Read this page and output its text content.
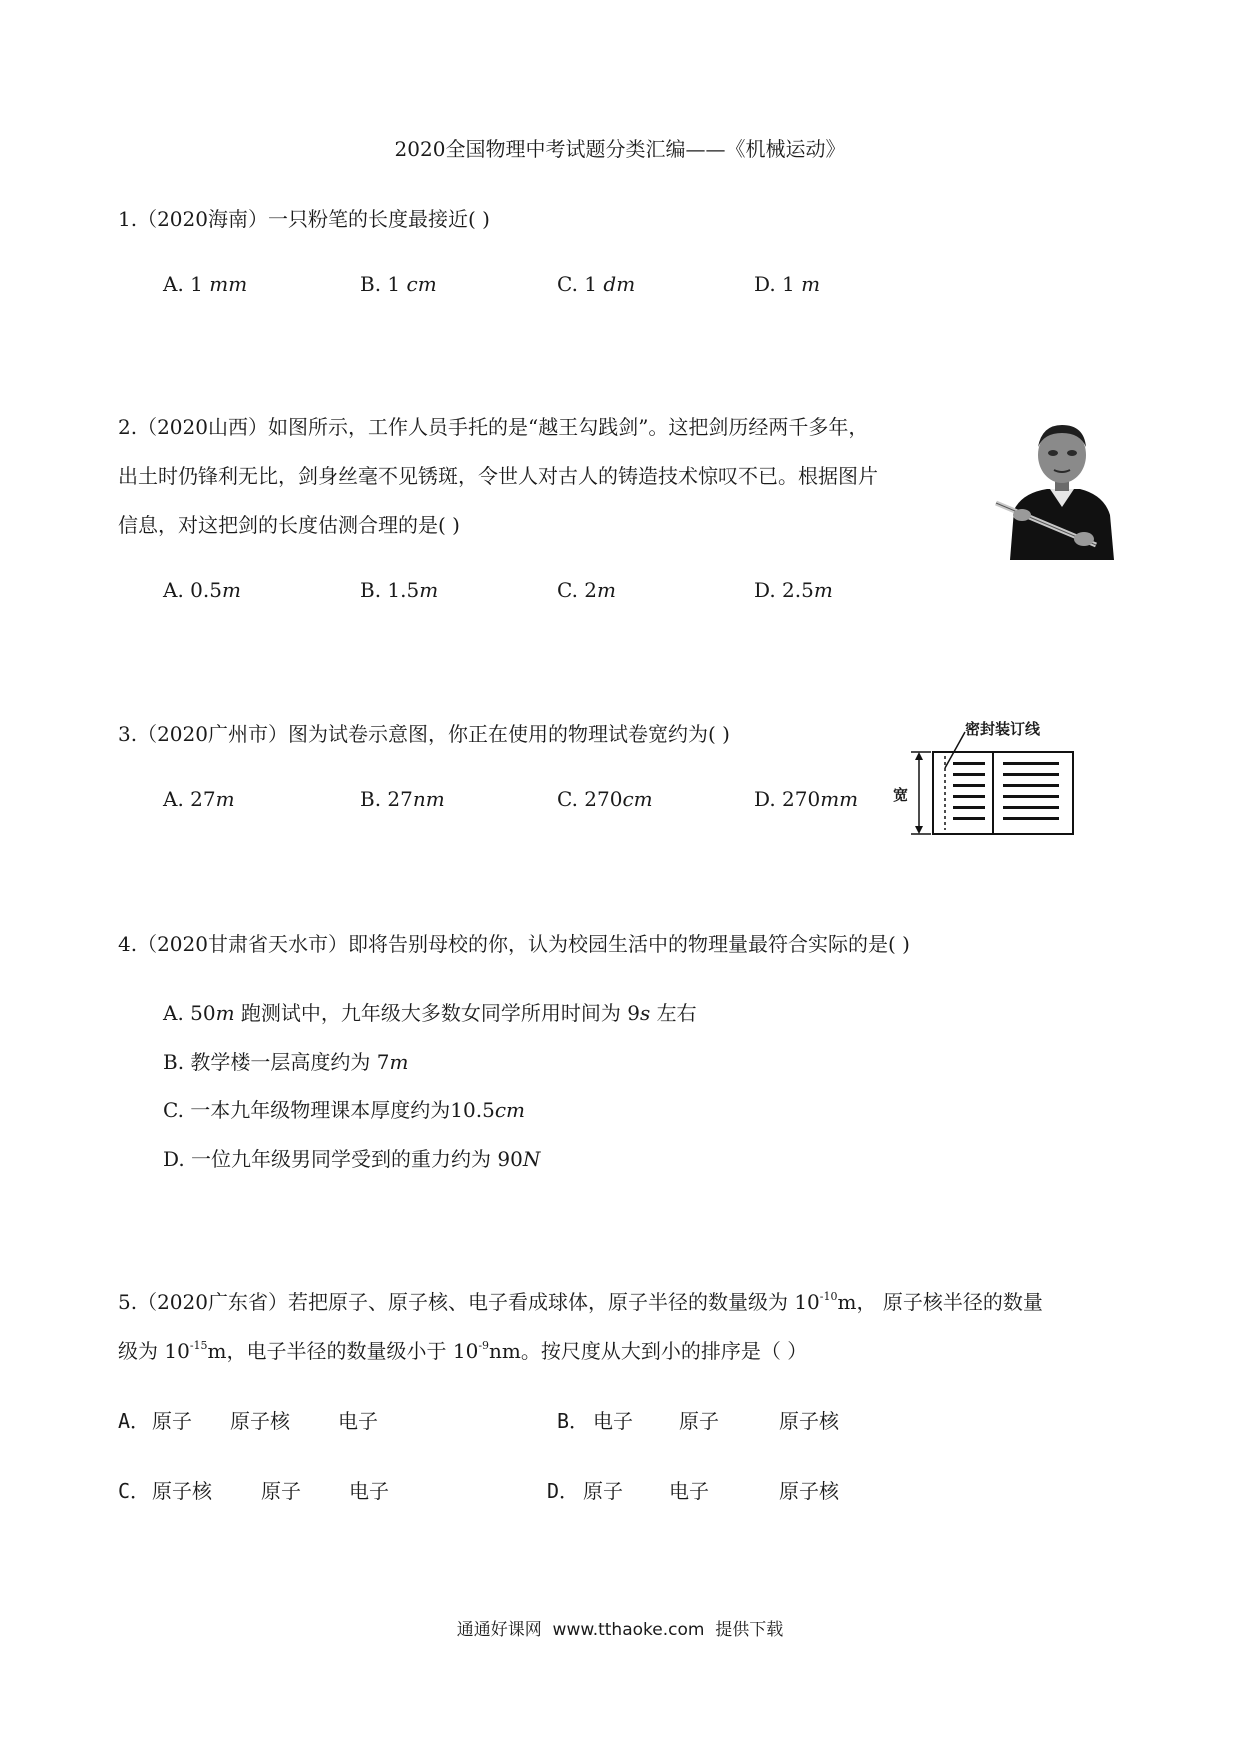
2020全国物理中考试题分类汇编——《机械运动》
1.（2020海南）一只粉笔的长度最接近( )
A. 1 mm	B. 1 cm	C. 1 dm	D. 1 m
2.（2020山西）如图所示，工作人员手托的是“越王勾践剑”。这把剑历经两千多年，
出土时仍锋利无比，剑身丝毫不见锈斑，令世人对古人的铸造技术惊叹不已。根据图片
信息，对这把剑的长度估测合理的是( )
A. 0.5m	B. 1.5m	C. 2m	D. 2.5m
3.（2020广州市）图为试卷示意图，你正在使用的物理试卷宽约为( )
A. 27m	B. 27nm	C. 270cm	D. 270mm
密封装订线
宽
4.（2020甘肃省天水市）即将告别母校的你，认为校园生活中的物理量最符合实际的是( )
A. 50m 跑测试中，九年级大多数女同学所用时间为 9s 左右
B. 教学楼一层高度约为 7m
C. 一本九年级物理课本厚度约为10.5cm
D. 一位九年级男同学受到的重力约为 90N
5.（2020广东省）若把原子、原子核、电子看成球体，原子半径的数量级为 $10^{-10}m$， 原子核半径的数量
级为 $10^{-15}m$，电子半径的数量级小于 $10^{-9}nm$。按尺度从大到小的排序是（ ）
A． 原子 原子核 电子	B． 电子 原子	原子核
C． 原子核 原子 电子	D． 原子 电子	原子核
通通好课网  www.tthaoke.com  提供下载
